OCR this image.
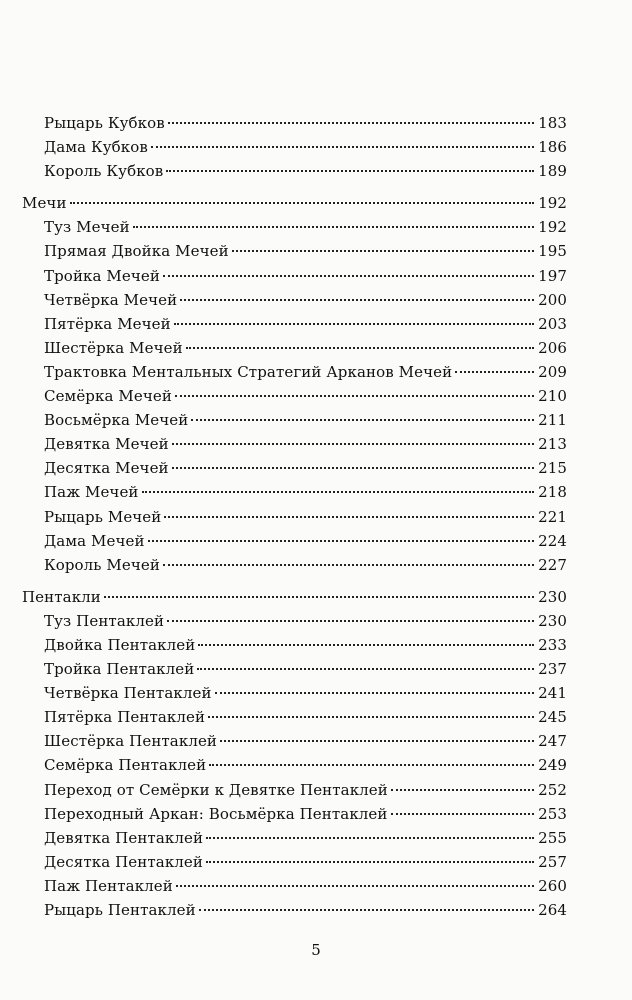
Рыцарь Кубков	183
Дама Кубков	186
Король Кубков	189
Мечи	192
Туз Мечей	192
Прямая Двойка Мечей	195
Тройка Мечей	197
Четвёрка Мечей	200
Пятёрка Мечей	203
Шестёрка Мечей	206
Трактовка Ментальных Стратегий Арканов Мечей	209
Семёрка Мечей	210
Восьмёрка Мечей	211
Девятка Мечей	213
Десятка Мечей	215
Паж Мечей	218
Рыцарь Мечей	221
Дама Мечей	224
Король Мечей	227
Пентакли	230
Туз Пентаклей	230
Двойка Пентаклей	233
Тройка Пентаклей	237
Четвёрка Пентаклей	241
Пятёрка Пентаклей	245
Шестёрка Пентаклей	247
Семёрка Пентаклей	249
Переход от Семёрки к Девятке Пентаклей	252
Переходный Аркан: Восьмёрка Пентаклей	253
Девятка Пентаклей	255
Десятка Пентаклей	257
Паж Пентаклей	260
Рыцарь Пентаклей	264
5
